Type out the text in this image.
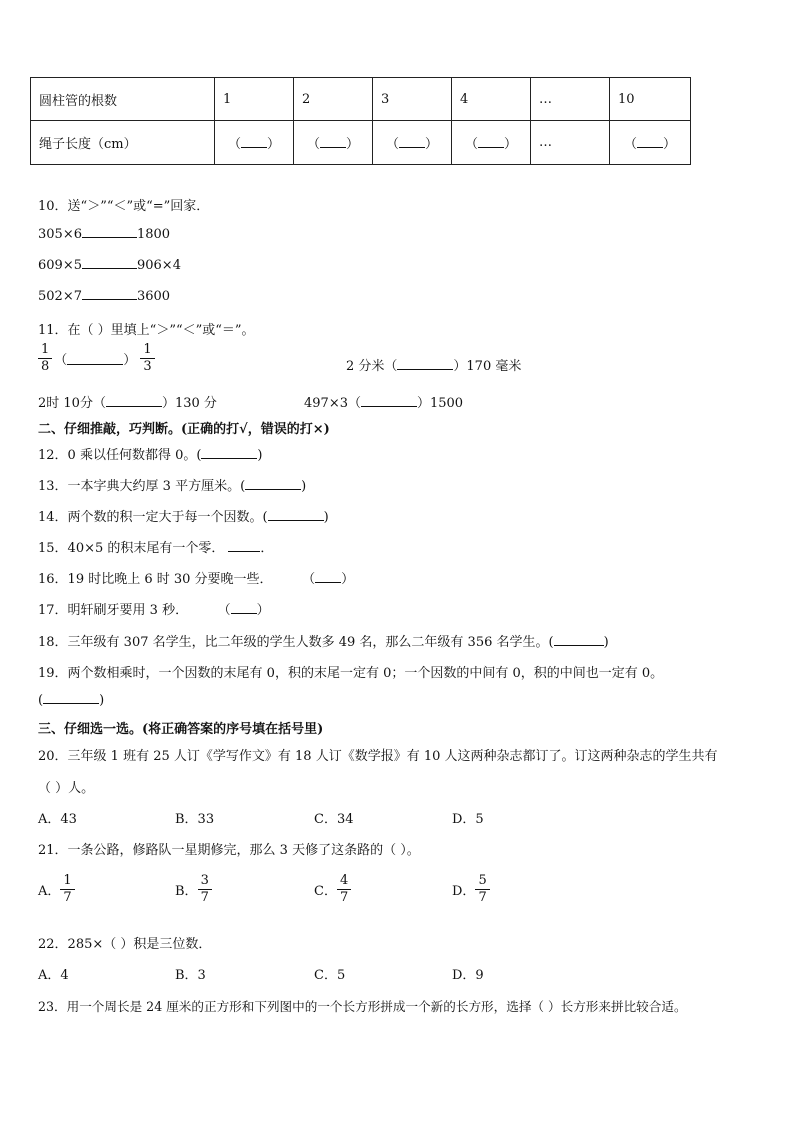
圆柱管的根数	1	2	3	4	…	10
绳子长度（cm）	（ ）	（ ）	（ ）	（ ）	…	（ ）
10．送“＞”“＜”或“=”回家．
305×6	1800
609×5	906×4
502×7	3600
11．在（ ）里填上“＞”“＜”或“＝”。
$\frac{1}{8}$ （	） $\frac{1}{3}$	2 分米（	）170 毫米
2时 10分（	）130 分	497×3（	）1500
二、仔细推敲，巧判断。(正确的打√，错误的打×)
12．0 乘以任何数都得 0。(	)
13．一本字典大约厚 3 平方厘米。(	)
14．两个数的积一定大于每一个因数。(	)
15．40×5 的积末尾有一个零．	．
16．19 时比晚上 6 时 30 分要晚一些．	（ ）
17．明轩刷牙要用 3 秒．	（ ）
18．三年级有 307 名学生，比二年级的学生人数多 49 名，那么二年级有 356 名学生。(	)
19．两个数相乘时，一个因数的末尾有 0，积的末尾一定有 0；一个因数的中间有 0，积的中间也一定有 0。
(	)
三、仔细选一选。(将正确答案的序号填在括号里)
20．三年级 1 班有 25 人订《学写作文》有 18 人订《数学报》有 10 人这两种杂志都订了。订这两种杂志的学生共有
（ ）人。
A．43	B．33	C．34	D．5
21．一条公路，修路队一星期修完，那么 3 天修了这条路的（ ）。
A． $\frac{1}{7}$	B． $\frac{3}{7}$	C． $\frac{4}{7}$	D． $\frac{5}{7}$
22．285×（ ）积是三位数．
A．4	B．3	C．5	D．9
23．用一个周长是 24 厘米的正方形和下列图中的一个长方形拼成一个新的长方形，选择（ ）长方形来拼比较合适。
